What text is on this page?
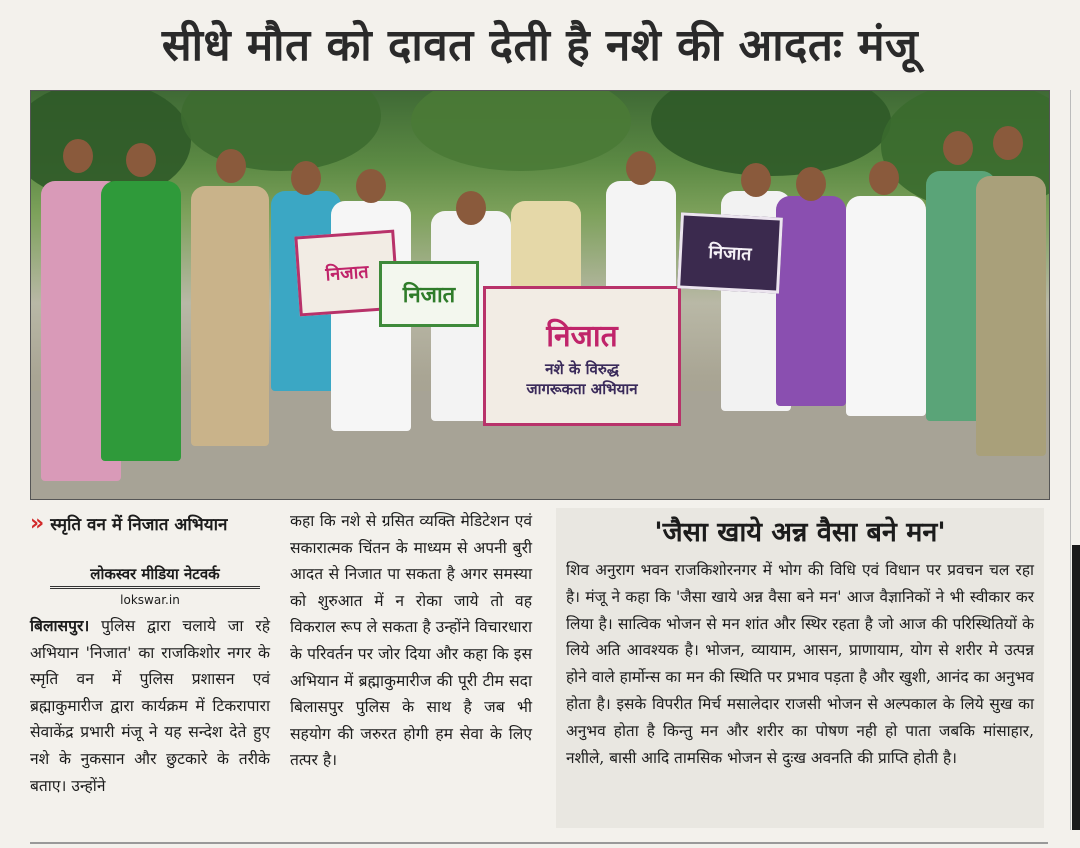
सीधे मौत को दावत देती है नशे की आदतः मंजू
निजात
निजात
निजात
नशे के विरुद्ध
जागरूकता अभियान
निजात
» स्मृति वन में निजात अभियान
लोकस्वर मीडिया नेटवर्क
lokswar.in
बिलासपुर। पुलिस द्वारा चलाये जा रहे अभियान 'निजात' का राजकिशोर नगर के स्मृति वन में पुलिस प्रशासन एवं ब्रह्माकुमारीज द्वारा कार्यक्रम में टिकरापारा सेवाकेंद्र प्रभारी मंजू ने यह सन्देश देते हुए नशे के नुकसान और छुटकारे के तरीके बताए। उन्होंने
कहा कि नशे से ग्रसित व्यक्ति मेडिटेशन एवं सकारात्मक चिंतन के माध्यम से अपनी बुरी आदत से निजात पा सकता है अगर समस्या को शुरुआत में न रोका जाये तो वह विकराल रूप ले सकता है उन्होंने विचारधारा के परिवर्तन पर जोर दिया और कहा कि इस अभियान में ब्रह्माकुमारीज की पूरी टीम सदा बिलासपुर पुलिस के साथ है जब भी सहयोग की जरुरत होगी हम सेवा के लिए तत्पर है।
'जैसा खाये अन्न वैसा बने मन'
शिव अनुराग भवन राजकिशोरनगर में भोग की विधि एवं विधान पर प्रवचन चल रहा है। मंजू ने कहा कि 'जैसा खाये अन्न वैसा बने मन' आज वैज्ञानिकों ने भी स्वीकार कर लिया है। सात्विक भोजन से मन शांत और स्थिर रहता है जो आज की परिस्थितियों के लिये अति आवश्यक है। भोजन, व्यायाम, आसन, प्राणायाम, योग से शरीर मे उत्पन्न होने वाले हार्मोन्स का मन की स्थिति पर प्रभाव पड़ता है और खुशी, आनंद का अनुभव होता है। इसके विपरीत मिर्च मसालेदार राजसी भोजन से अल्पकाल के लिये सुख का अनुभव होता है किन्तु मन और शरीर का पोषण नही हो पाता जबकि मांसाहार, नशीले, बासी आदि तामसिक भोजन से दुःख अवनति की प्राप्ति होती है।
